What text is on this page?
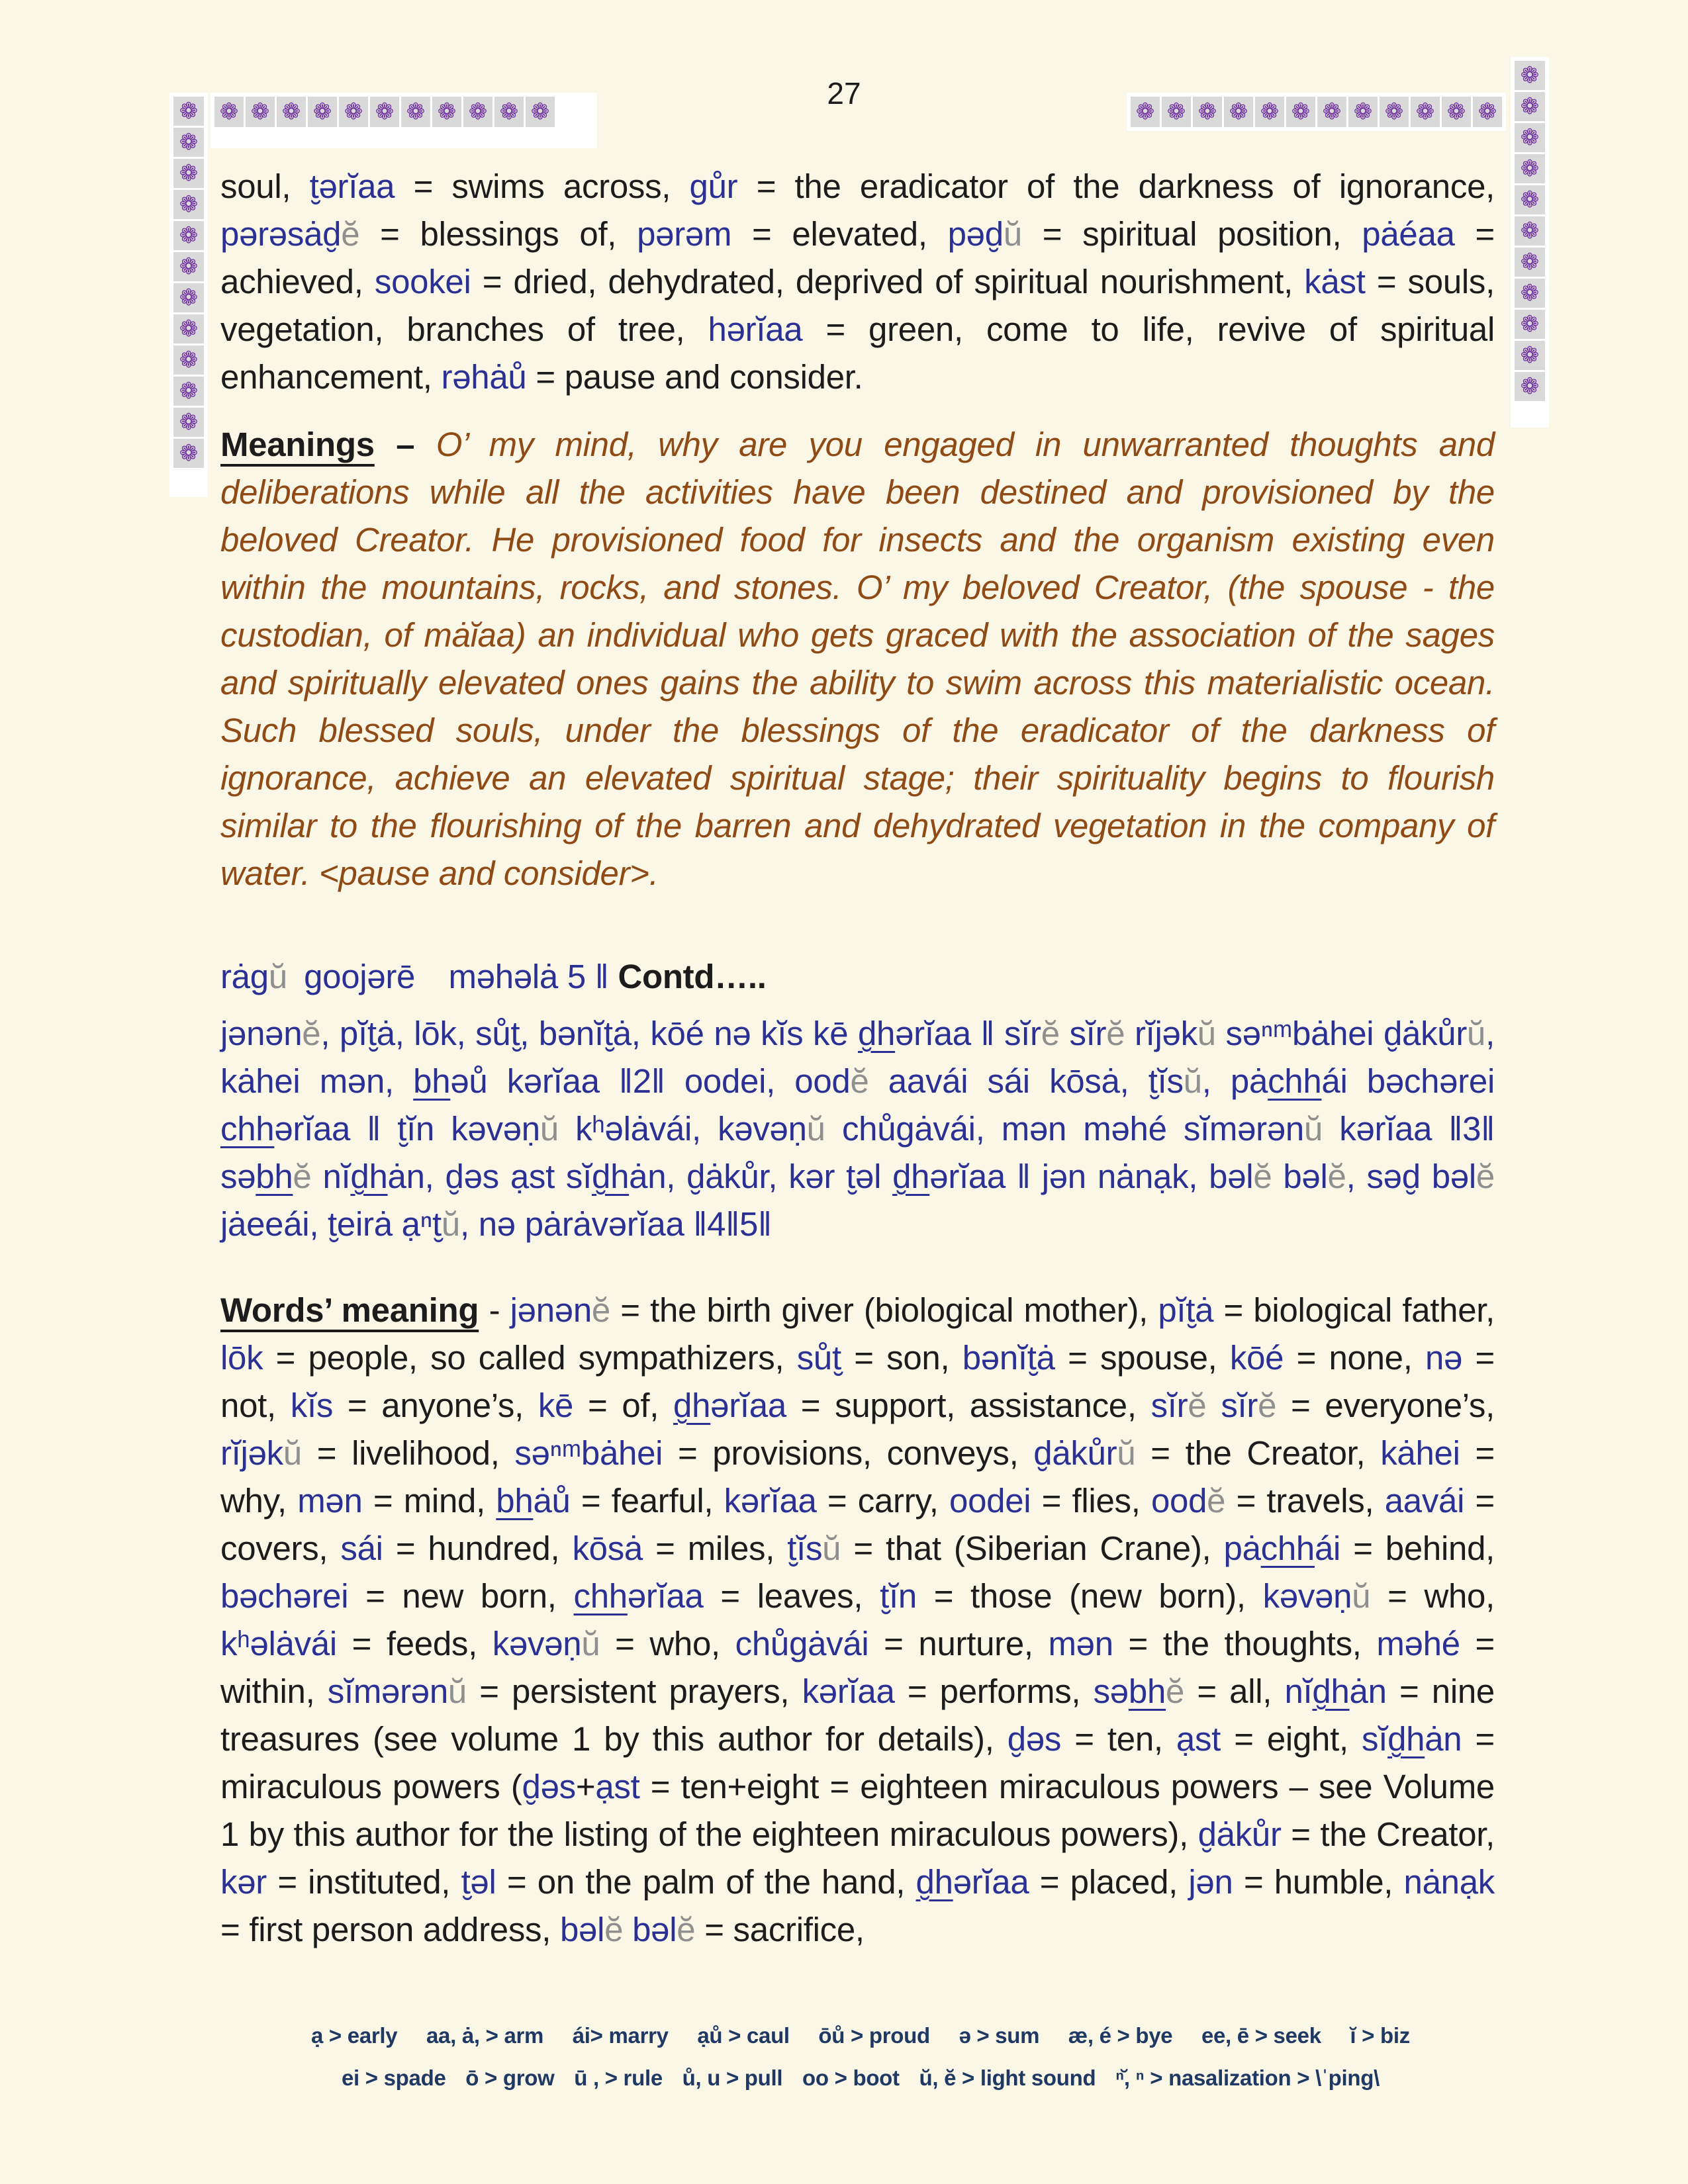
27
❁
❁
❁
❁
❁
❁
❁
❁
❁
❁
❁
❁
❁ ❁ ❁ ❁ ❁ ❁ ❁ ❁ ❁ ❁ ❁	❁ ❁ ❁ ❁ ❁ ❁ ❁ ❁ ❁ ❁ ❁ ❁
❁
❁
❁
❁
❁
❁
❁
❁
❁
❁
❁

soul, t̮ərĭaa = swims across, gůr = the eradicator of the darkness of ignorance, pərəsȧd̮ĕ = blessings of, pərəm = elevated, pəd̮ŭ = spiritual position, pȧéaa = achieved, sookei = dried, dehydrated, deprived of spiritual nourishment, kȧst = souls, vegetation, branches of tree, hərĭaa = green, come to life, revive of spiritual enhancement, rəhȧů = pause and consider.

Meanings – O’ my mind, why are you engaged in unwarranted thoughts and deliberations while all the activities have been destined and provisioned by the beloved Creator. He provisioned food for insects and the organism existing even within the mountains, rocks, and stones. O’ my beloved Creator, (the spouse - the custodian, of mȧĭaa) an individual who gets graced with the association of the sages and spiritually elevated ones gains the ability to swim across this materialistic ocean. Such blessed souls, under the blessings of the eradicator of the darkness of ignorance, achieve an elevated spiritual stage; their spirituality begins to flourish similar to the flourishing of the barren and dehydrated vegetation in the company of water. <pause and consider>.

rȧgŭ goojərē  məhəlȧ 5 ‖ Contd…..

jənənĕ, pĭt̮ȧ, lōk, sůt̮, bənĭt̮ȧ, kōé nə kĭs kē d̮hərĭaa ‖ sĭrĕ sĭrĕ rĭjəkŭ səⁿᵐbȧhei d̮ȧkůrŭ, kȧhei mən, bhəů kərĭaa ‖2‖ oodei, oodĕ aavái sái kōsȧ, t̮ĭsŭ, pȧchhái bəchərei chhərĭaa ‖ t̮ĭn kəvəṇŭ kʰəlȧvái, kəvəṇŭ chůgȧvái, mən məhé sĭmərənŭ kərĭaa ‖3‖ səbhĕ nĭd̮hȧn, d̮əs ạst sĭd̮hȧn, d̮ȧkůr, kər t̮əl d̮hərĭaa ‖ jən nȧnạk, bəlĕ bəlĕ, səd̮ bəlĕ jȧeeái, t̮eirȧ ạⁿt̮ŭ, nə pȧrȧvərĭaa ‖4‖5‖

Words’ meaning - jənənĕ = the birth giver (biological mother), pĭt̮ȧ = biological father, lōk = people, so called sympathizers, sůt̮ = son, bənĭt̮ȧ = spouse, kōé = none, nə = not, kĭs = anyone’s, kē = of, d̮hərĭaa = support, assistance, sĭrĕ sĭrĕ = everyone’s, rĭjəkŭ = livelihood, səⁿᵐbȧhei = provisions, conveys, d̮ȧkůrŭ = the Creator, kȧhei = why, mən = mind, bhȧů = fearful, kərĭaa = carry, oodei = flies, oodĕ = travels, aavái = covers, sái = hundred, kōsȧ = miles, t̮ĭsŭ = that (Siberian Crane), pȧchhái = behind, bəchərei = new born, chhərĭaa = leaves, t̮ĭn = those (new born), kəvəṇŭ = who, kʰəlȧvái = feeds, kəvəṇŭ = who, chůgȧvái = nurture, mən = the thoughts, məhé = within, sĭmərənŭ = persistent prayers, kərĭaa = performs, səbhĕ = all, nĭd̮hȧn = nine treasures (see volume 1 by this author for details), d̮əs = ten, ạst = eight, sĭd̮hȧn = miraculous powers (d̮əs+ạst = ten+eight = eighteen miraculous powers – see Volume 1 by this author for the listing of the eighteen miraculous powers), d̮ȧkůr = the Creator, kər = instituted, t̮əl = on the palm of the hand, d̮hərĭaa = placed, jən = humble, nȧnạk = first person address, bəlĕ bəlĕ = sacrifice,

ạ > early aa, ȧ, > arm ái> marry ạů > caul ōů > proud ə > sum æ, é > bye ee, ē > seek ĭ > biz
ei > spade ō > grow ū , > rule ů, u > pull oo > boot ŭ, ĕ > light sound ⁿ̆, ⁿ > nasalization > \ˈping\
